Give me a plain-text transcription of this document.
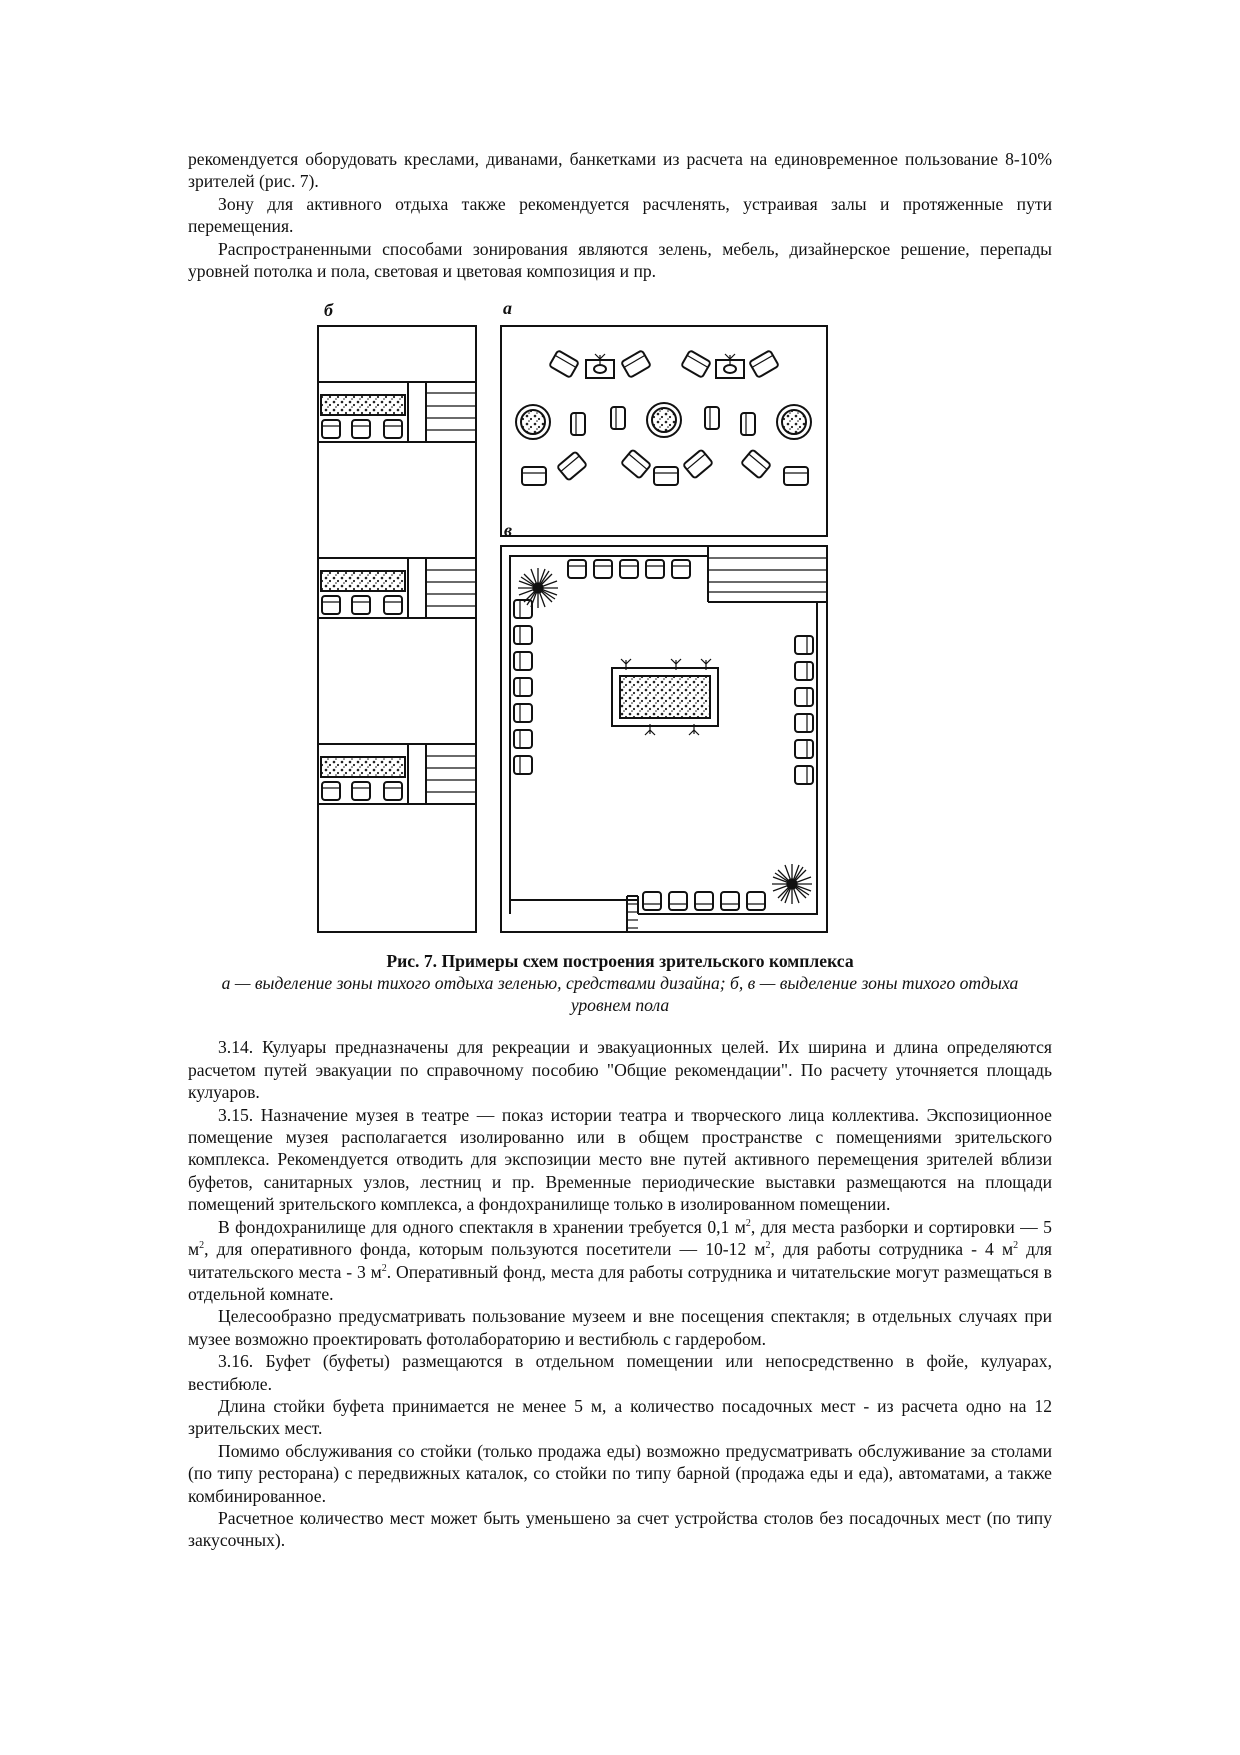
рекомендуется оборудовать креслами, диванами, банкетками из расчета на единовременное пользование 8-10% зрителей (рис. 7).

Зону для активного отдыха также рекомендуется расчленять, устраивая залы и протяженные пути перемещения.

Распространенными способами зонирования являются зелень, мебель, дизайнерское решение, перепады уровней потолка и пола, световая и цветовая композиция и пр.

б	а
в
Рис. 7. Примеры схем построения зрительского комплекса
а — выделение зоны тихого отдыха зеленью, средствами дизайна; б, в — выделение зоны тихого отдыха уровнем пола

3.14. Кулуары предназначены для рекреации и эвакуационных целей. Их ширина и длина определяются расчетом путей эвакуации по справочному пособию "Общие рекомендации". По расчету уточняется площадь кулуаров.

3.15. Назначение музея в театре — показ истории театра и творческого лица коллектива. Экспозиционное помещение музея располагается изолированно или в общем пространстве с помещениями зрительского комплекса. Рекомендуется отводить для экспозиции место вне путей активного перемещения зрителей вблизи буфетов, санитарных узлов, лестниц и пр. Временные периодические выставки размещаются на площади помещений зрительского комплекса, а фондохранилище только в изолированном помещении.

В фондохранилище для одного спектакля в хранении требуется 0,1 $м^2$, для места разборки и сортировки — 5 $м^2$, для оперативного фонда, которым пользуются посетители — 10-12 $м^2$, для работы сотрудника - 4 $м^2$ для читательского места - 3 $м^2$. Оперативный фонд, места для работы сотрудника и читательские могут размещаться в отдельной комнате.

Целесообразно предусматривать пользование музеем и вне посещения спектакля; в отдельных случаях при музее возможно проектировать фотолабораторию и вестибюль с гардеробом.

3.16. Буфет (буфеты) размещаются в отдельном помещении или непосредственно в фойе, кулуарах, вестибюле.

Длина стойки буфета принимается не менее 5 м, а количество посадочных мест - из расчета одно на 12 зрительских мест.

Помимо обслуживания со стойки (только продажа еды) возможно предусматривать обслуживание за столами (по типу ресторана) с передвижных каталок, со стойки по типу барной (продажа еды и еда), автоматами, а также комбинированное.

Расчетное количество мест может быть уменьшено за счет устройства столов без посадочных мест (по типу закусочных).
